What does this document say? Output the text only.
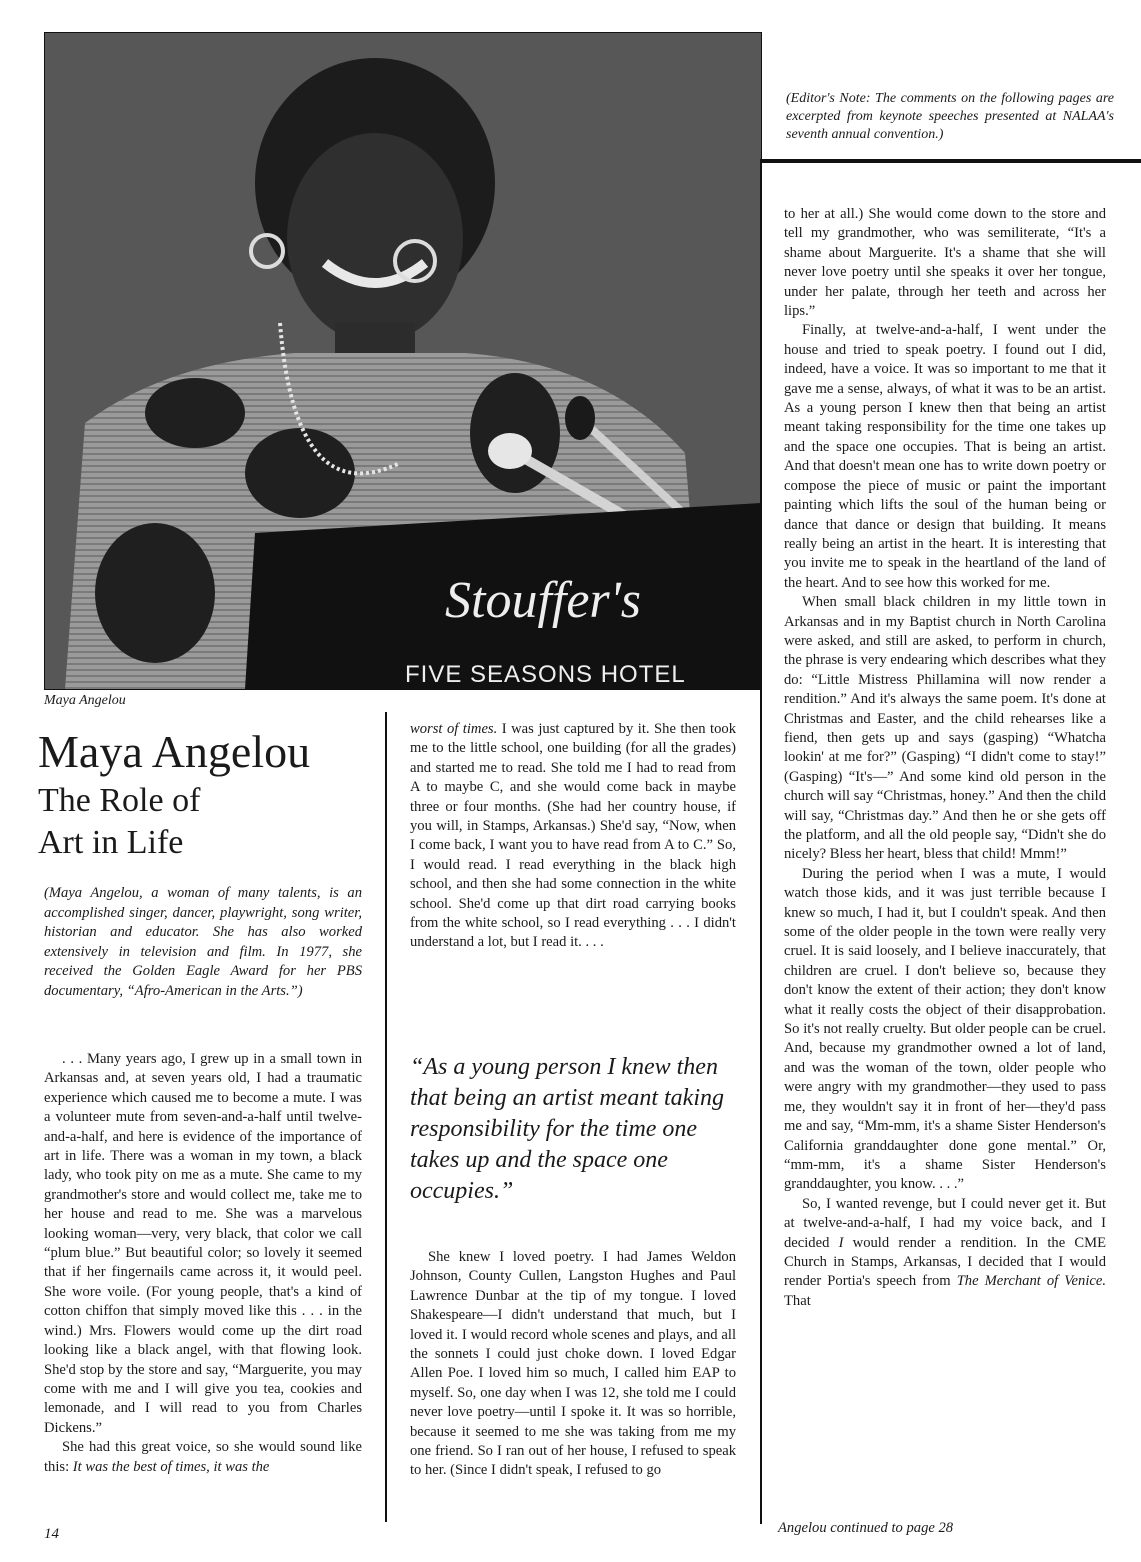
Stouffer's
FIVE SEASONS HOTEL
Maya Angelou
(Editor's Note: The comments on the following pages are excerpted from keynote speeches presented at NALAA's seventh annual convention.)
Maya Angelou
The Role of
Art in Life
(Maya Angelou, a woman of many talents, is an accomplished singer, dancer, playwright, song writer, historian and educator. She has also worked extensively in television and film. In 1977, she received the Golden Eagle Award for her PBS documentary, “Afro-American in the Arts.”)

. . . Many years ago, I grew up in a small town in Arkansas and, at seven years old, I had a traumatic experience which caused me to become a mute. I was a volunteer mute from seven-and-a-half until twelve-and-a-half, and here is evidence of the importance of art in life. There was a woman in my town, a black lady, who took pity on me as a mute. She came to my grandmother's store and would collect me, take me to her house and read to me. She was a marvelous looking woman—very, very black, that color we call “plum blue.” But beautiful color; so lovely it seemed that if her fingernails came across it, it would peel. She wore voile. (For young people, that's a kind of cotton chiffon that simply moved like this . . . in the wind.) Mrs. Flowers would come up the dirt road looking like a black angel, with that flowing look. She'd stop by the store and say, “Marguerite, you may come with me and I will give you tea, cookies and lemonade, and I will read to you from Charles Dickens.”

She had this great voice, so she would sound like this: It was the best of times, it was the

worst of times. I was just captured by it. She then took me to the little school, one building (for all the grades) and started me to read. She told me I had to read from A to maybe C, and she would come back in maybe three or four months. (She had her country house, if you will, in Stamps, Arkansas.) She'd say, “Now, when I come back, I want you to have read from A to C.” So, I would read. I read everything in the black high school, and then she had some connection in the white school. She'd come up that dirt road carrying books from the white school, so I read everything . . . I didn't understand a lot, but I read it. . . .

“As a young person I knew then that being an artist meant taking responsibility for the time one takes up and the space one occupies.”

She knew I loved poetry. I had James Weldon Johnson, County Cullen, Langston Hughes and Paul Lawrence Dunbar at the tip of my tongue. I loved Shakespeare—I didn't understand that much, but I loved it. I would record whole scenes and plays, and all the sonnets I could just choke down. I loved Edgar Allen Poe. I loved him so much, I called him EAP to myself. So, one day when I was 12, she told me I could never love poetry—until I spoke it. It was so horrible, because it seemed to me she was taking from me my one friend. So I ran out of her house, I refused to speak to her. (Since I didn't speak, I refused to go

to her at all.) She would come down to the store and tell my grandmother, who was semiliterate, “It's a shame about Marguerite. It's a shame that she will never love poetry until she speaks it over her tongue, under her palate, through her teeth and across her lips.”

Finally, at twelve-and-a-half, I went under the house and tried to speak poetry. I found out I did, indeed, have a voice. It was so important to me that it gave me a sense, always, of what it was to be an artist. As a young person I knew then that being an artist meant taking responsibility for the time one takes up and the space one occupies. That is being an artist. And that doesn't mean one has to write down poetry or compose the piece of music or paint the important painting which lifts the soul of the human being or dance that dance or design that building. It means really being an artist in the heart. It is interesting that you invite me to speak in the heartland of the land of the heart. And to see how this worked for me.

When small black children in my little town in Arkansas and in my Baptist church in North Carolina were asked, and still are asked, to perform in church, the phrase is very endearing which describes what they do: “Little Mistress Phillamina will now render a rendition.” And it's always the same poem. It's done at Christmas and Easter, and the child rehearses like a fiend, then gets up and says (gasping) “Whatcha lookin' at me for?” (Gasping) “I didn't come to stay!” (Gasping) “It's—” And some kind old person in the church will say “Christmas, honey.” And then the child will say, “Christmas day.” And then he or she gets off the platform, and all the old people say, “Didn't she do nicely? Bless her heart, bless that child! Mmm!”

During the period when I was a mute, I would watch those kids, and it was just terrible because I knew so much, I had it, but I couldn't speak. And then some of the older people in the town were really very cruel. It is said loosely, and I believe inaccurately, that children are cruel. I don't believe so, because they don't know the extent of their action; they don't know what it really costs the object of their disapprobation. So it's not really cruelty. But older people can be cruel. And, because my grandmother owned a lot of land, and was the woman of the town, older people who were angry with my grandmother—they used to pass me, they wouldn't say it in front of her—they'd pass me and say, “Mm-mm, it's a shame Sister Henderson's California granddaughter done gone mental.” Or, “mm-mm, it's a shame Sister Henderson's granddaughter, you know. . . .”

So, I wanted revenge, but I could never get it. But at twelve-and-a-half, I had my voice back, and I decided I would render a rendition. In the CME Church in Stamps, Arkansas, I decided that I would render Portia's speech from The Merchant of Venice. That

Angelou continued to page 28
14
